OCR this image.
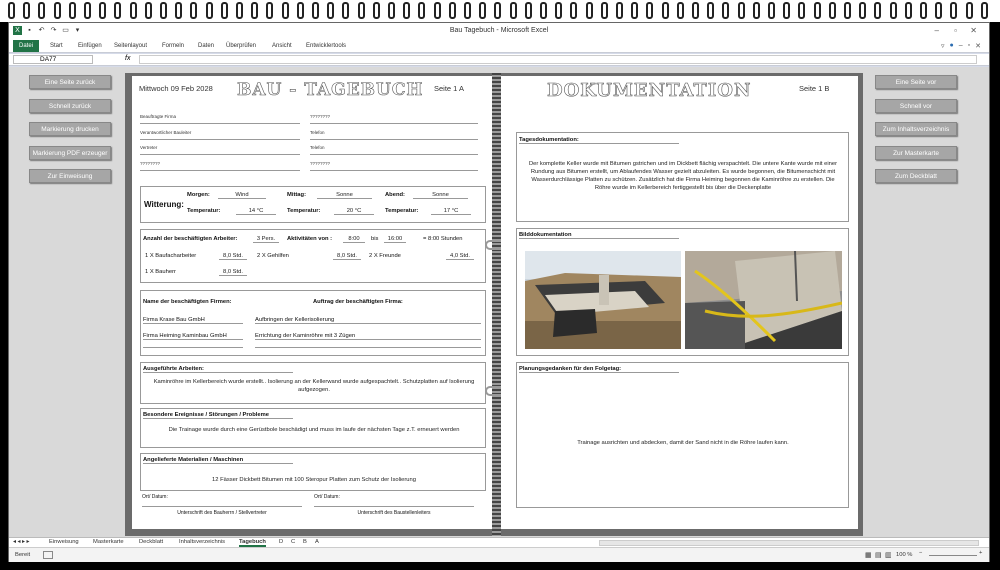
X	▪	↶ ↷ ▭ ▾	Bau Tagebuch - Microsoft Excel	– ▫ ✕
Datei	Start	Einfügen	Seitenlayout	Formeln	Daten	Überprüfen	Ansicht	Entwicklertools	▿ ● – ▫ ✕
DA77	fx
Eine Seite zurück
Schnell zurück
Markierung drucken
Markierung PDF erzeuger
Zur Einweisung
Eine Seite vor
Schnell vor
Zum Inhaltsverzeichnis
Zur Masterkarte
Zum Deckblatt
Mittwoch 09 Feb 2028 BAU - TAGEBUCH Seite 1 A
Beauftragte Firma	????????
Verantwortlicher Bauleiter	Telefon
Vertreter	Telefon
????????	????????
Witterung:
Morgen:	Wind	Mittag:	Sonne	Abend:	Sonne
Temperatur:	14 °C	Temperatur:	20 °C	Temperatur:	17 °C
Anzahl der beschäftigten Arbeiter:	3 Pers.	Aktivitäten von :	8:00	bis	16:00	= 8:00 Stunden
1 X Baufacharbeiter	8,0 Std.	2 X Gehilfen	8,0 Std.	2 X Freunde	4,0 Std.
1 X Bauherr	8,0 Std.
Name der beschäftigten Firmen:	Auftrag der beschäftigten Firma:
Firma Krase Bau GmbH	Aufbringen der Kellerisolierung
Firma Heiming Kaminbau GmbH	Errichtung der Kaminröhre mit 3 Zügen
Ausgeführte Arbeiten:
Kaminröhre im Kellerbereich wurde erstellt.. Isolierung an der Kellerwand wurde aufgespachtelt.. Schutzplatten auf Isolierung aufgezogen.
Besondere Ereignisse / Störungen / Probleme
Die Trainage wurde durch eine Gerüstbole beschädigt und muss im laufe der nächsten Tage z.T. erneuert werden
Angelieferte Materialien / Maschinen
12 Fässer Dickbett Bitumen mit 100 Steropur Platten zum Schutz der Isolierung
Ort/ Datum:	Ort/ Datum:
Unterschrift des Bauherrn / Stellvertreter	Unterschrift des Baustellenleiters
DOKUMENTATION	Seite 1 B
Tagesdokumentation:
Der komplette Keller wurde mit Bitumen gstrichen und im Dickbett flächig verspachtelt. Die untere Kante wurde mit einer Rundung aus Bitumen erstellt, um Ablaufendes Wasser gezielt abzuleiten. Es wurde begonnen, die Bitumenschicht mit Wasserdurchlässige Platten zu schützen. Zusätzlich hat die Firma Heiming begonnen die Kaminröhre zu erstellen. Die Röhre wurde im Kellerbereich fertiggestellt bis über die Deckenplatte
Bilddokumentation
Planungsgedanken für den Folgetag:
Trainage ausrichten und abdecken, damit der Sand nicht in die Röhre laufen kann.
◂ ◂ ▸ ▸	Einweisung Masterkarte	Deckblatt	Inhaltsverzeichnis Tagebuch D C B A
Bereit	▦ ▤ ▥ 100 % −	+
